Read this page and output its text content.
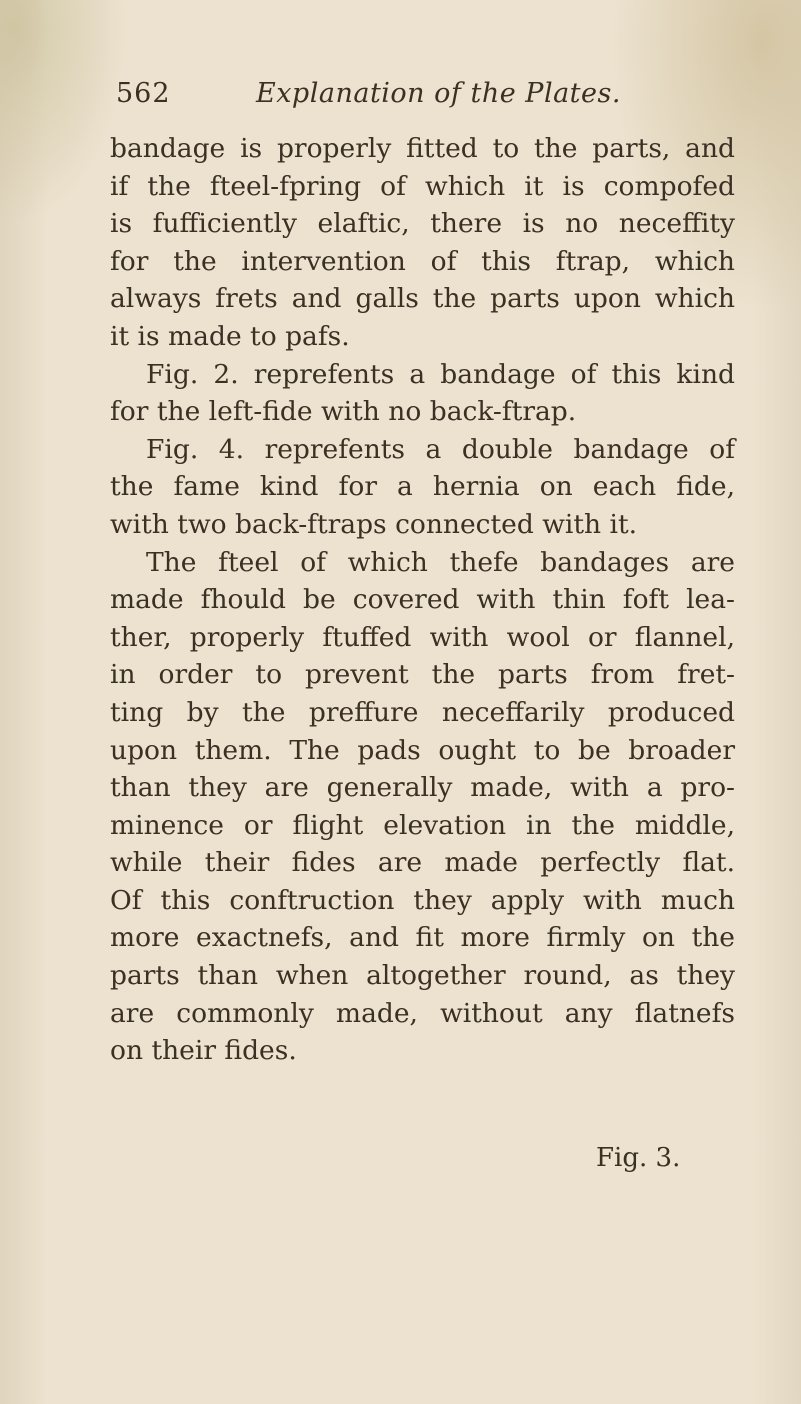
562	Explanation of the Plates.
bandage is properly fitted to the parts, and
if the fteel-fpring of which it is compofed
is fufficiently elaftic, there is no neceffity
for the intervention of this ftrap, which
always frets and galls the parts upon which
it is made to pafs.
Fig. 2. reprefents a bandage of this kind
for the left-fide with no back-ftrap.
Fig. 4. reprefents a double bandage of
the fame kind for a hernia on each fide,
with two back-ftraps connected with it.
The fteel of which thefe bandages are
made fhould be covered with thin foft lea-
ther, properly ftuffed with wool or flannel,
in order to prevent the parts from fret-
ting by the preffure neceffarily produced
upon them. The pads ought to be broader
than they are generally made, with a pro-
minence or flight elevation in the middle,
while their fides are made perfectly flat.
Of this conftruction they apply with much
more exactnefs, and fit more firmly on the
parts than when altogether round, as they
are commonly made, without any flatnefs
on their fides.
Fig. 3.
